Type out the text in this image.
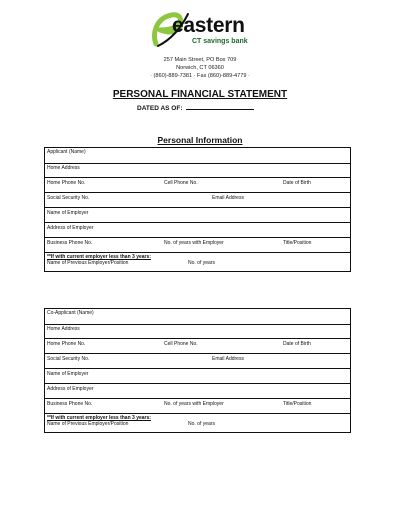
eastern
CT savings bank
257 Main Street, PO Box 709
Norwich, CT 06360
· (860)-889-7381 · Fax (860)-889-4779 ·
PERSONAL FINANCIAL STATEMENT
DATED AS OF:
Personal Information
Applicant (Name)
Home Address
Home Phone No.	Cell Phone No.	Date of Birth
Social Security No.	Email Address
Name of Employer
Address of Employer
Business Phone No.	No. of years with Employer	Title/Position
**If with current employer less than 3 years:
Name of Previous Employer/Position	No. of years
Co-Applicant (Name)
Home Address
Home Phone No.	Cell Phone No.	Date of Birth
Social Security No.	Email Address
Name of Employer
Address of Employer
Business Phone No.	No. of years with Employer	Title/Position
**If with current employer less than 3 years:
Name of Previous Employer/Position	No. of years
